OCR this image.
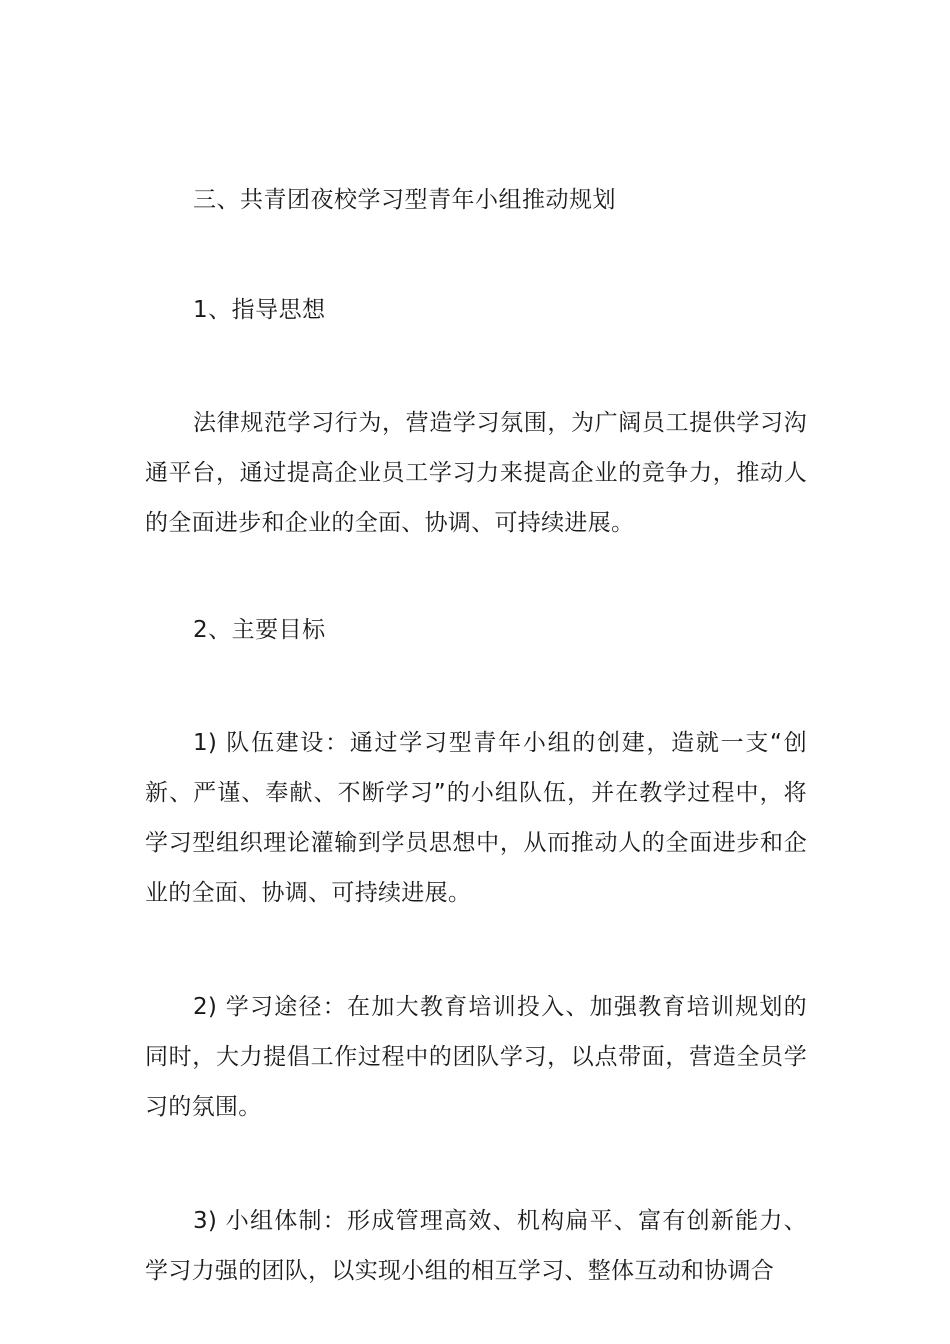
三、共青团夜校学习型青年小组推动规划

1、指导思想

法律规范学习行为，营造学习氛围，为广阔员工提供学习沟通平台，通过提高企业员工学习力来提高企业的竞争力，推动人的全面进步和企业的全面、协调、可持续进展。

2、主要目标

1) 队伍建设：通过学习型青年小组的创建，造就一支“创新、严谨、奉献、不断学习”的小组队伍，并在教学过程中，将学习型组织理论灌输到学员思想中，从而推动人的全面进步和企业的全面、协调、可持续进展。

2) 学习途径：在加大教育培训投入、加强教育培训规划的同时，大力提倡工作过程中的团队学习，以点带面，营造全员学习的氛围。

3) 小组体制：形成管理高效、机构扁平、富有创新能力、学习力强的团队，以实现小组的相互学习、整体互动和协调合
